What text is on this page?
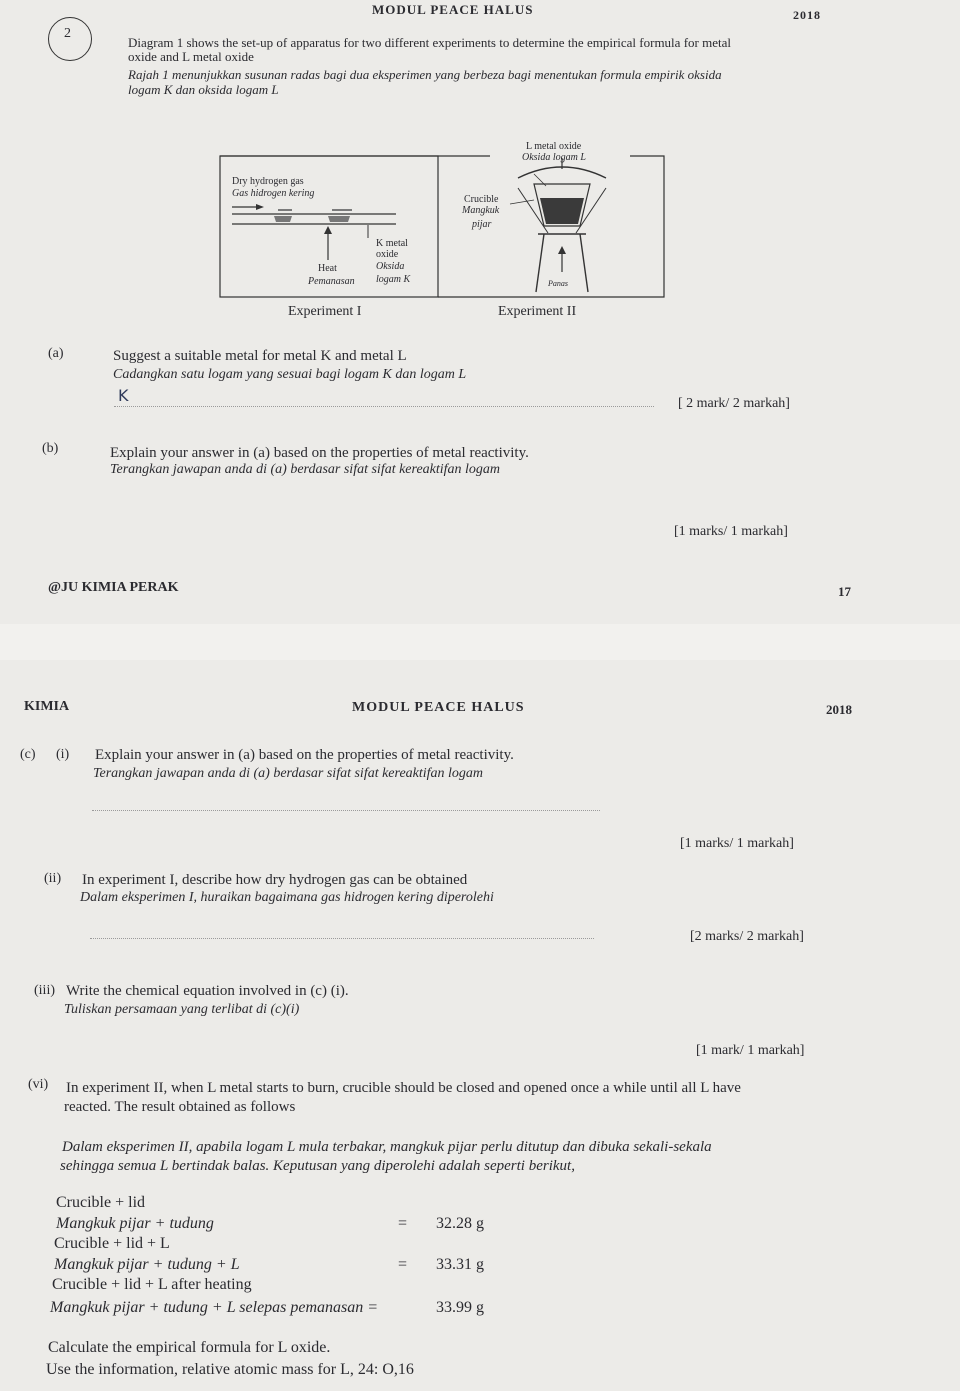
MODUL PEACE HALUS	2018
2
Diagram 1 shows the set-up of apparatus for two different experiments to determine the empirical formula for metal
oxide and L metal oxide
Rajah 1 menunjukkan susunan radas bagi dua eksperimen yang berbeza bagi menentukan formula empirik oksida
logam K dan oksida logam L
Dry hydrogen gas
Gas hidrogen kering
K metal
oxide
Oksida
logam K
Heat
Pemanasan
L metal oxide
Oksida logam L
Crucible
Mangkuk
pijar
Panas
Experiment I	Experiment II
(a)	Suggest a suitable metal for metal K and metal L
Cadangkan satu logam yang sesuai bagi logam K dan logam L
K	[ 2 mark/ 2 markah]
(b)	Explain your answer in (a) based on the properties of metal reactivity.
Terangkan jawapan anda di (a) berdasar sifat sifat kereaktifan logam
[1 marks/ 1 markah]
@JU KIMIA PERAK	17
KIMIA	MODUL PEACE HALUS	2018
(c) (i) Explain your answer in (a) based on the properties of metal reactivity.
Terangkan jawapan anda di (a) berdasar sifat sifat kereaktifan logam
[1 marks/ 1 markah]
(ii) In experiment I, describe how dry hydrogen gas can be obtained
Dalam eksperimen I, huraikan bagaimana gas hidrogen kering diperolehi
[2 marks/ 2 markah]
(iii) Write the chemical equation involved in (c) (i).
Tuliskan persamaan yang terlibat di (c)(i)
[1 mark/ 1 markah]
(vi) In experiment II, when L metal starts to burn, crucible should be closed and opened once a while until all L have
reacted. The result obtained as follows
Dalam eksperimen II, apabila logam L mula terbakar, mangkuk pijar perlu ditutup dan dibuka sekali-sekala
sehingga semua L bertindak balas. Keputusan yang diperolehi adalah seperti berikut,
Crucible + lid
Mangkuk pijar + tudung	= 32.28 g
Crucible + lid + L
Mangkuk pijar + tudung + L	= 33.31 g
Crucible + lid + L after heating
Mangkuk pijar + tudung + L selepas pemanasan =	33.99 g
Calculate the empirical formula for L oxide.
Use the information, relative atomic mass for L, 24: O,16
